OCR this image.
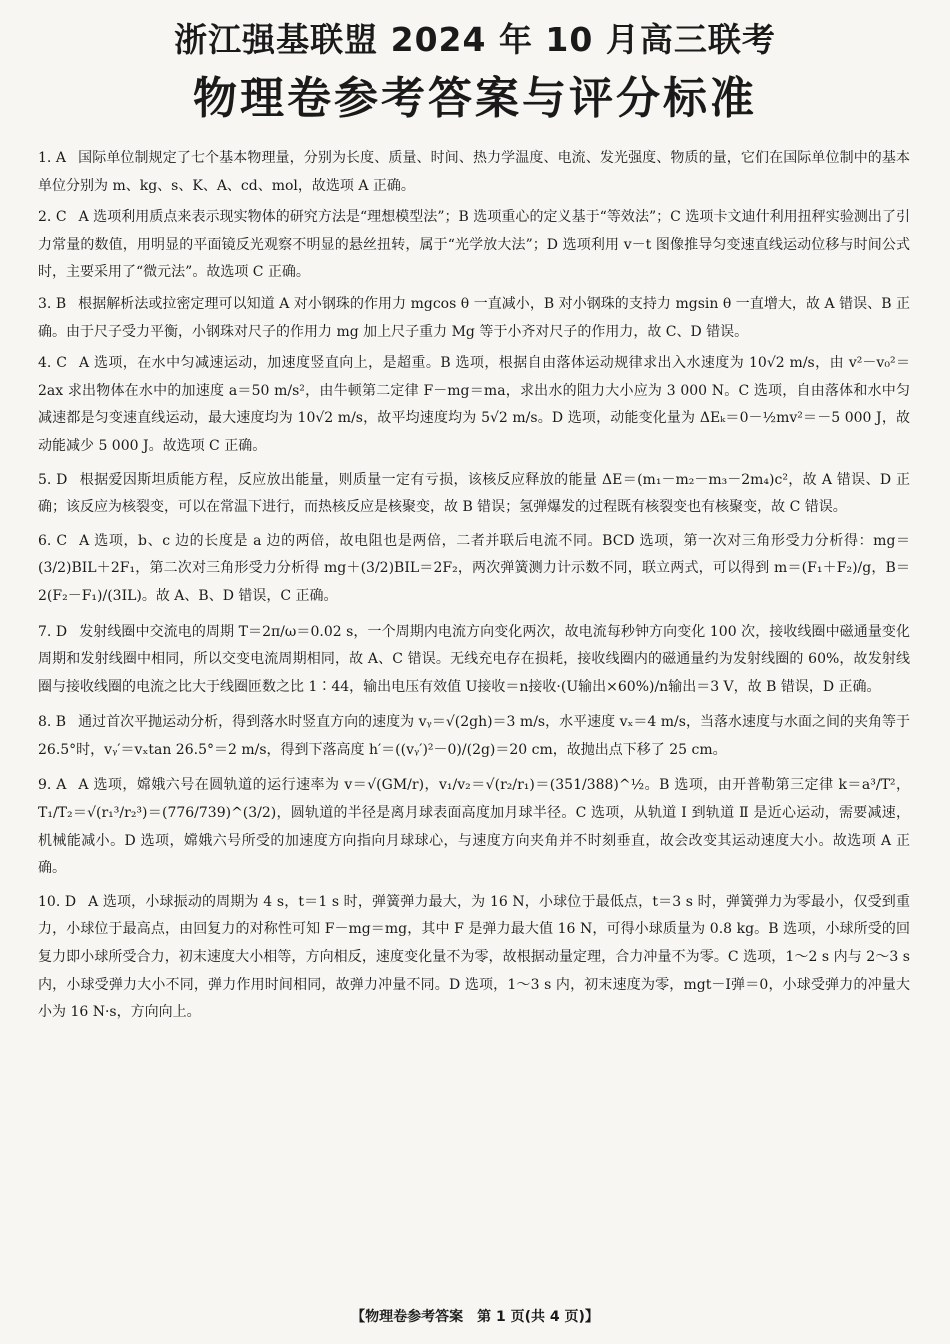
浙江强基联盟 2024 年 10 月高三联考
物理卷参考答案与评分标准

1. A 国际单位制规定了七个基本物理量，分别为长度、质量、时间、热力学温度、电流、发光强度、物质的量，它们在国际单位制中的基本单位分别为 m、kg、s、K、A、cd、mol，故选项 A 正确。

2. C A 选项利用质点来表示现实物体的研究方法是“理想模型法”；B 选项重心的定义基于“等效法”；C 选项卡文迪什利用扭秤实验测出了引力常量的数值，用明显的平面镜反光观察不明显的悬丝扭转，属于“光学放大法”；D 选项利用 v－t 图像推导匀变速直线运动位移与时间公式时，主要采用了“微元法”。故选项 C 正确。

3. B 根据解析法或拉密定理可以知道 A 对小钢珠的作用力 mgcos θ 一直减小，B 对小钢珠的支持力 mgsin θ 一直增大，故 A 错误、B 正确。由于尺子受力平衡，小钢珠对尺子的作用力 mg 加上尺子重力 Mg 等于小齐对尺子的作用力，故 C、D 错误。

4. C A 选项，在水中匀减速运动，加速度竖直向上，是超重。B 选项，根据自由落体运动规律求出入水速度为 10√2 m/s，由 v²－v₀²＝2ax 求出物体在水中的加速度 a＝50 m/s²，由牛顿第二定律 F－mg＝ma，求出水的阻力大小应为 3 000 N。C 选项，自由落体和水中匀减速都是匀变速直线运动，最大速度均为 10√2 m/s，故平均速度均为 5√2 m/s。D 选项，动能变化量为 ΔEₖ＝0－½mv²＝－5 000 J，故动能减少 5 000 J。故选项 C 正确。

5. D 根据爱因斯坦质能方程，反应放出能量，则质量一定有亏损，该核反应释放的能量 ΔE＝(m₁－m₂－m₃－2m₄)c²，故 A 错误、D 正确；该反应为核裂变，可以在常温下进行，而热核反应是核聚变，故 B 错误；氢弹爆发的过程既有核裂变也有核聚变，故 C 错误。

6. C A 选项，b、c 边的长度是 a 边的两倍，故电阻也是两倍，二者并联后电流不同。BCD 选项，第一次对三角形受力分析得：mg＝(3/2)BIL＋2F₁，第二次对三角形受力分析得 mg＋(3/2)BIL＝2F₂，两次弹簧测力计示数不同，联立两式，可以得到 m＝(F₁＋F₂)/g，B＝2(F₂－F₁)/(3IL)。故 A、B、D 错误，C 正确。

7. D 发射线圈中交流电的周期 T＝2π/ω＝0.02 s，一个周期内电流方向变化两次，故电流每秒钟方向变化 100 次，接收线圈中磁通量变化周期和发射线圈中相同，所以交变电流周期相同，故 A、C 错误。无线充电存在损耗，接收线圈内的磁通量约为发射线圈的 60%，故发射线圈与接收线圈的电流之比大于线圈匝数之比 1∶44，输出电压有效值 U接收＝n接收·(U输出×60%)/n输出＝3 V，故 B 错误，D 正确。

8. B 通过首次平抛运动分析，得到落水时竖直方向的速度为 vᵧ＝√(2gh)＝3 m/s，水平速度 vₓ＝4 m/s，当落水速度与水面之间的夹角等于 26.5°时，vᵧ′＝vₓtan 26.5°＝2 m/s，得到下落高度 h′＝((vᵧ′)²－0)/(2g)＝20 cm，故抛出点下移了 25 cm。

9. A A 选项，嫦娥六号在圆轨道的运行速率为 v＝√(GM/r)，v₁/v₂＝√(r₂/r₁)＝(351/388)^½。B 选项，由开普勒第三定律 k＝a³/T²，T₁/T₂＝√(r₁³/r₂³)＝(776/739)^(3/2)，圆轨道的半径是离月球表面高度加月球半径。C 选项，从轨道 Ⅰ 到轨道 Ⅱ 是近心运动，需要减速，机械能减小。D 选项，嫦娥六号所受的加速度方向指向月球球心，与速度方向夹角并不时刻垂直，故会改变其运动速度大小。故选项 A 正确。

10. D A 选项，小球振动的周期为 4 s，t＝1 s 时，弹簧弹力最大，为 16 N，小球位于最低点，t＝3 s 时，弹簧弹力为零最小，仅受到重力，小球位于最高点，由回复力的对称性可知 F－mg＝mg，其中 F 是弹力最大值 16 N，可得小球质量为 0.8 kg。B 选项，小球所受的回复力即小球所受合力，初末速度大小相等，方向相反，速度变化量不为零，故根据动量定理，合力冲量不为零。C 选项，1～2 s 内与 2～3 s 内，小球受弹力大小不同，弹力作用时间相同，故弹力冲量不同。D 选项，1～3 s 内，初末速度为零，mgt－I弹＝0，小球受弹力的冲量大小为 16 N·s，方向向上。

【物理卷参考答案　第 1 页(共 4 页)】
